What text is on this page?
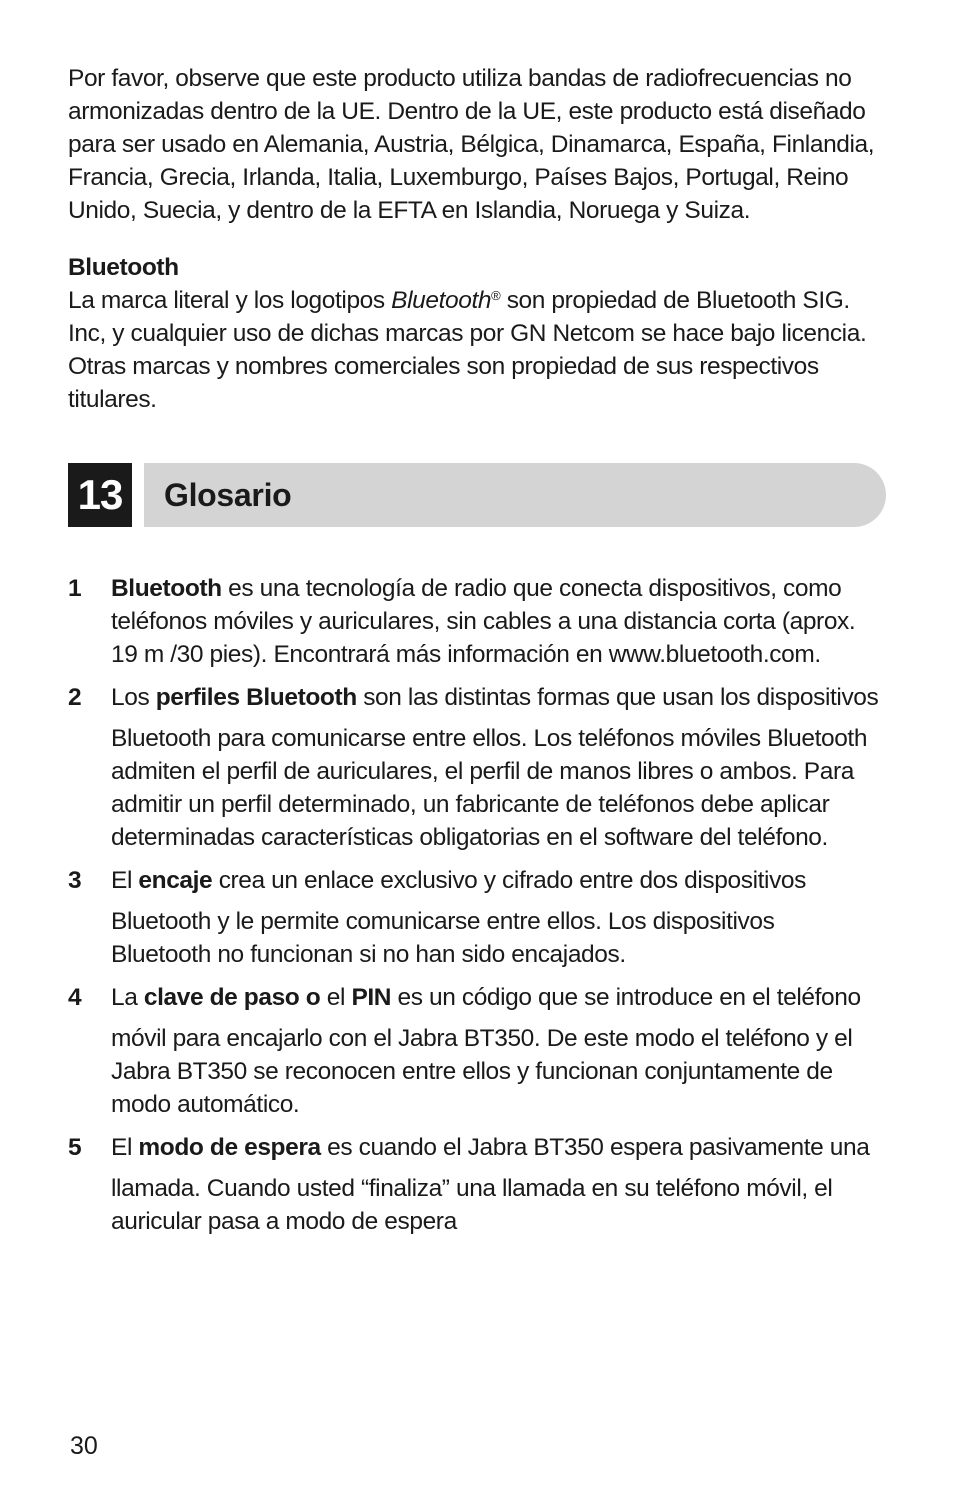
Por favor, observe que este producto utiliza bandas de radiofrecuencias no
armonizadas dentro de la UE. Dentro de la UE, este producto está diseñado
para ser usado en Alemania, Austria, Bélgica, Dinamarca, España, Finlandia,
Francia, Grecia, Irlanda, Italia, Luxemburgo, Países Bajos, Portugal, Reino
Unido, Suecia, y dentro de la EFTA en Islandia, Noruega y Suiza.

Bluetooth

La marca literal y los logotipos Bluetooth® son propiedad de Bluetooth SIG.
Inc, y cualquier uso de dichas marcas por GN Netcom se hace bajo licencia.
Otras marcas y nombres comerciales son propiedad de sus respectivos
titulares.

13	Glosario
1 Bluetooth es una tecnología de radio que conecta dispositivos, como
teléfonos móviles y auriculares, sin cables a una distancia corta (aprox.
19 m /30 pies). Encontrará más información en www.bluetooth.com.
2 Los perfiles Bluetooth son las distintas formas que usan los dispositivos
Bluetooth para comunicarse entre ellos. Los teléfonos móviles Bluetooth
admiten el perfil de auriculares, el perfil de manos libres o ambos. Para
admitir un perfil determinado, un fabricante de teléfonos debe aplicar
determinadas características obligatorias en el software del teléfono.
3 El encaje crea un enlace exclusivo y cifrado entre dos dispositivos
Bluetooth y le permite comunicarse entre ellos. Los dispositivos
Bluetooth no funcionan si no han sido encajados.
4 La clave de paso o el PIN es un código que se introduce en el teléfono
móvil para encajarlo con el Jabra BT350. De este modo el teléfono y el
Jabra BT350 se reconocen entre ellos y funcionan conjuntamente de
modo automático.
5 El modo de espera es cuando el Jabra BT350 espera pasivamente una
llamada. Cuando usted “finaliza” una llamada en su teléfono móvil, el
auricular pasa a modo de espera
30
